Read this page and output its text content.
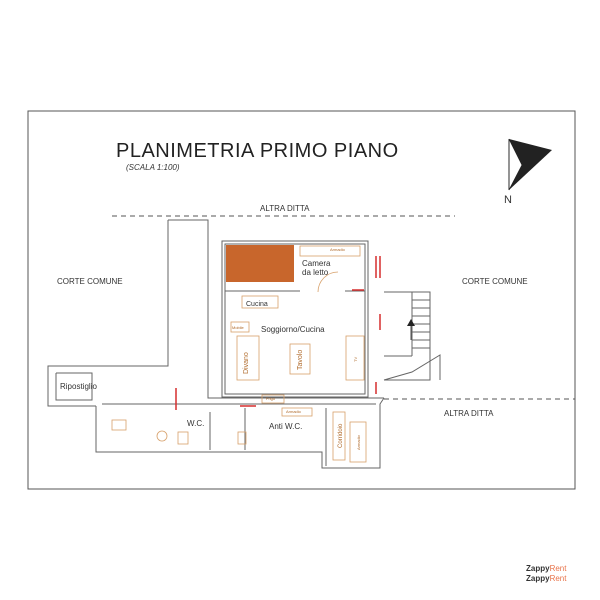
PLANIMETRIA PRIMO PIANO
(SCALA 1:100)
N
ALTRA DITTA
ALTRA DITTA
CORTE COMUNE	CORTE COMUNE
Camera
da letto
Cucina
Soggiorno/Cucina
Ripostiglio
W.C.	Anti W.C.	Corridoio
Divano	Tavolo
Armadio
Armadio
Armadio
Frigo
Mobile
TV
ZappyRent
ZappyRent
